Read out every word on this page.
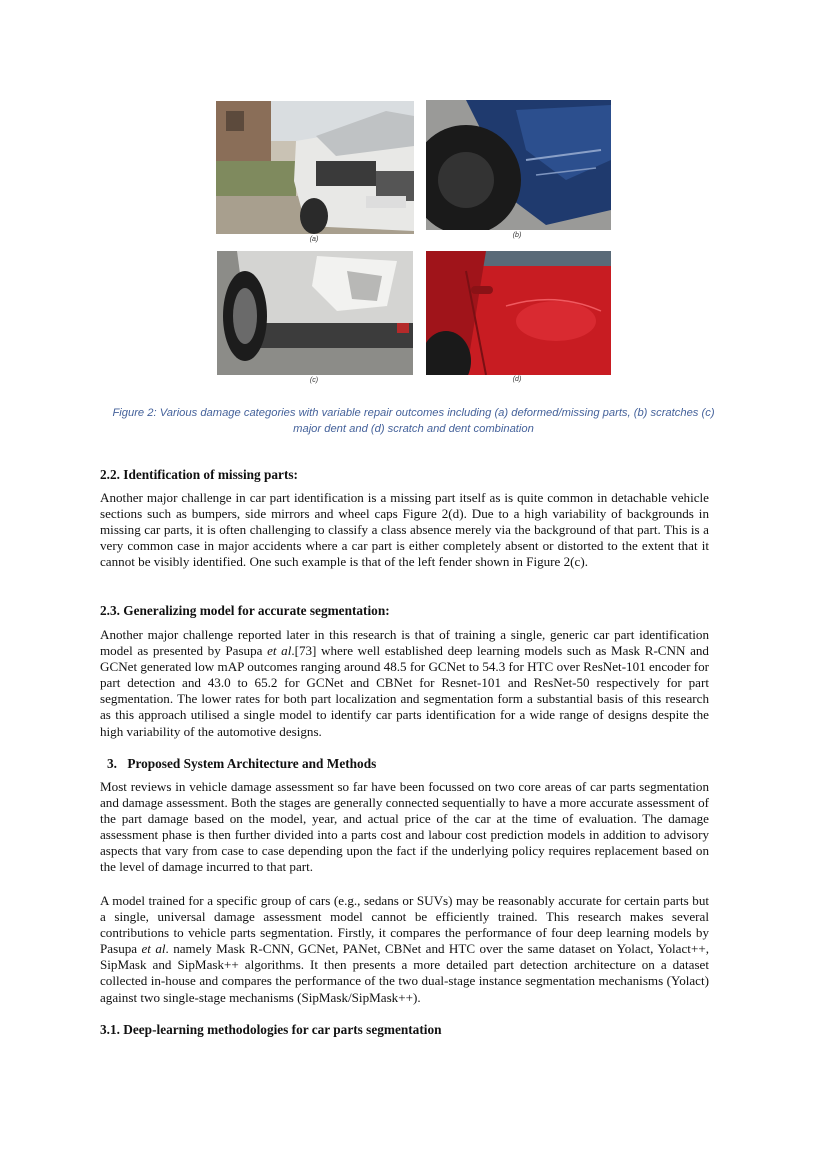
(a)
(b)
(c)	(d)
Figure 2: Various damage categories with variable repair outcomes including (a) deformed/missing parts, (b) scratches (c)
major dent and (d) scratch and dent combination
2.2. Identification of missing parts:
Another major challenge in car part identification is a missing part itself as is quite common in detachable vehicle sections such as bumpers, side mirrors and wheel caps Figure 2(d). Due to a high variability of backgrounds in missing car parts, it is often challenging to classify a class absence merely via the background of that part. This is a very common case in major accidents where a car part is either completely absent or distorted to the extent that it cannot be visibly identified. One such example is that of the left fender shown in Figure 2(c).
2.3. Generalizing model for accurate segmentation:
Another major challenge reported later in this research is that of training a single, generic car part identification model as presented by Pasupa et al.[73] where well established deep learning models such as Mask R-CNN and GCNet generated low mAP outcomes ranging around 48.5 for GCNet to 54.3 for HTC over ResNet-101 encoder for part detection and 43.0 to 65.2 for GCNet and CBNet for Resnet-101 and ResNet-50 respectively for part segmentation. The lower rates for both part localization and segmentation form a substantial basis of this research as this approach utilised a single model to identify car parts identification for a wide range of designs despite the high variability of the automotive designs.
3. Proposed System Architecture and Methods
Most reviews in vehicle damage assessment so far have been focussed on two core areas of car parts segmentation and damage assessment. Both the stages are generally connected sequentially to have a more accurate assessment of the part damage based on the model, year, and actual price of the car at the time of evaluation. The damage assessment phase is then further divided into a parts cost and labour cost prediction models in addition to advisory aspects that vary from case to case depending upon the fact if the underlying policy requires replacement based on the level of damage incurred to that part.
A model trained for a specific group of cars (e.g., sedans or SUVs) may be reasonably accurate for certain parts but a single, universal damage assessment model cannot be efficiently trained. This research makes several contributions to vehicle parts segmentation. Firstly, it compares the performance of four deep learning models by Pasupa et al. namely Mask R-CNN, GCNet, PANet, CBNet and HTC over the same dataset on Yolact, Yolact++, SipMask and SipMask++ algorithms. It then presents a more detailed part detection architecture on a dataset collected in-house and compares the performance of the two dual-stage instance segmentation mechanisms (Yolact) against two single-stage mechanisms (SipMask/SipMask++).
3.1. Deep-learning methodologies for car parts segmentation
